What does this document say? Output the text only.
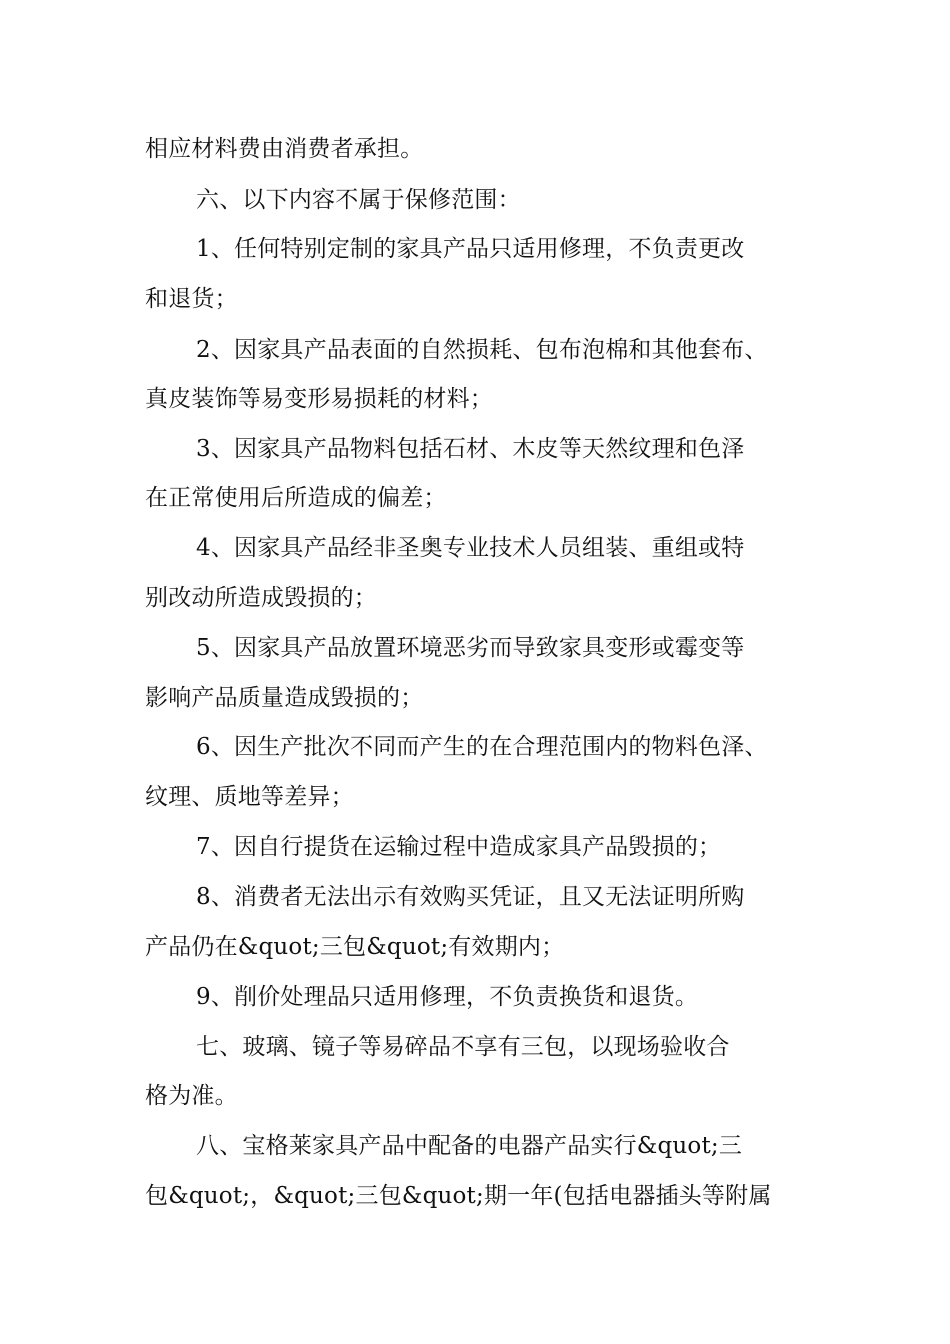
相应材料费由消费者承担。
六、以下内容不属于保修范围：
1、任何特别定制的家具产品只适用修理，不负责更改
和退货；
2、因家具产品表面的自然损耗、包布泡棉和其他套布、
真皮装饰等易变形易损耗的材料；
3、因家具产品物料包括石材、木皮等天然纹理和色泽
在正常使用后所造成的偏差；
4、因家具产品经非圣奥专业技术人员组装、重组或特
别改动所造成毁损的；
5、因家具产品放置环境恶劣而导致家具变形或霉变等
影响产品质量造成毁损的；
6、因生产批次不同而产生的在合理范围内的物料色泽、
纹理、质地等差异；
7、因自行提货在运输过程中造成家具产品毁损的；
8、消费者无法出示有效购买凭证，且又无法证明所购
产品仍在&quot;三包&quot;有效期内；
9、削价处理品只适用修理，不负责换货和退货。
七、玻璃、镜子等易碎品不享有三包，以现场验收合
格为准。
八、宝格莱家具产品中配备的电器产品实行&quot;三
包&quot;，&quot;三包&quot;期一年(包括电器插头等附属
